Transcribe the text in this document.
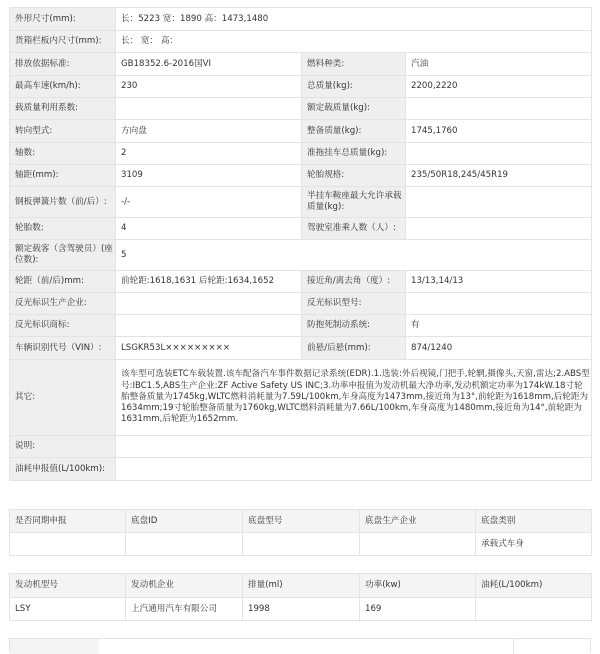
外形尺寸(mm):	长：5223 宽：1890 高：1473,1480		
货箱栏板内尺寸(mm):	长： 宽： 高：		
排放依据标准:	GB18352.6-2016国VI	燃料种类:	汽油
最高车速(km/h):	230	总质量(kg):	2200,2220
载质量利用系数:		额定载质量(kg):	
转向型式:	方向盘	整备质量(kg):	1745,1760
轴数:	2	准拖挂车总质量(kg):	
轴距(mm):	3109	轮胎规格:	235/50R18,245/45R19
钢板弹簧片数（前/后）:	-/-	半挂车鞍座最大允许承载质量(kg):	
轮胎数:	4	驾驶室准乘人数（人）:	
额定载客（含驾驶员）(座位数):	5		
轮距（前/后)mm:	前轮距:1618,1631 后轮距:1634,1652	接近角/离去角（度）:	13/13,14/13
反光标识生产企业:		反光标识型号:	
反光标识商标:		防抱死制动系统:	有
车辆识别代号（VIN）:	LSGKR53L×××××××××	前悬/后悬(mm):	874/1240
其它:	该车型可选装ETC车载装置.该车配备汽车事件数据记录系统(EDR).1.选装:外后视镜,门把手,轮辋,摄像头,天窗,雷达;2.ABS型号:IBC1.5,ABS生产企业:ZF Active Safety US INC;3.功率申报值为发动机最大净功率,发动机额定功率为174kW.18寸轮胎整备质量为1745kg,WLTC燃料消耗量为7.59L/100km,车身高度为1473mm,接近角为13°,前轮距为1618mm,后轮距为1634mm;19寸轮胎整备质量为1760kg,WLTC燃料消耗量为7.66L/100km,车身高度为1480mm,接近角为14°,前轮距为1631mm,后轮距为1652mm.		
说明:			
油耗申报值(L/100km):			
是否同期申报	底盘ID	底盘型号	底盘生产企业	底盘类别
				承载式车身
发动机型号	发动机企业	排量(ml)	功率(kw)	油耗(L/100km)
LSY	上汽通用汽车有限公司	1998	169	
